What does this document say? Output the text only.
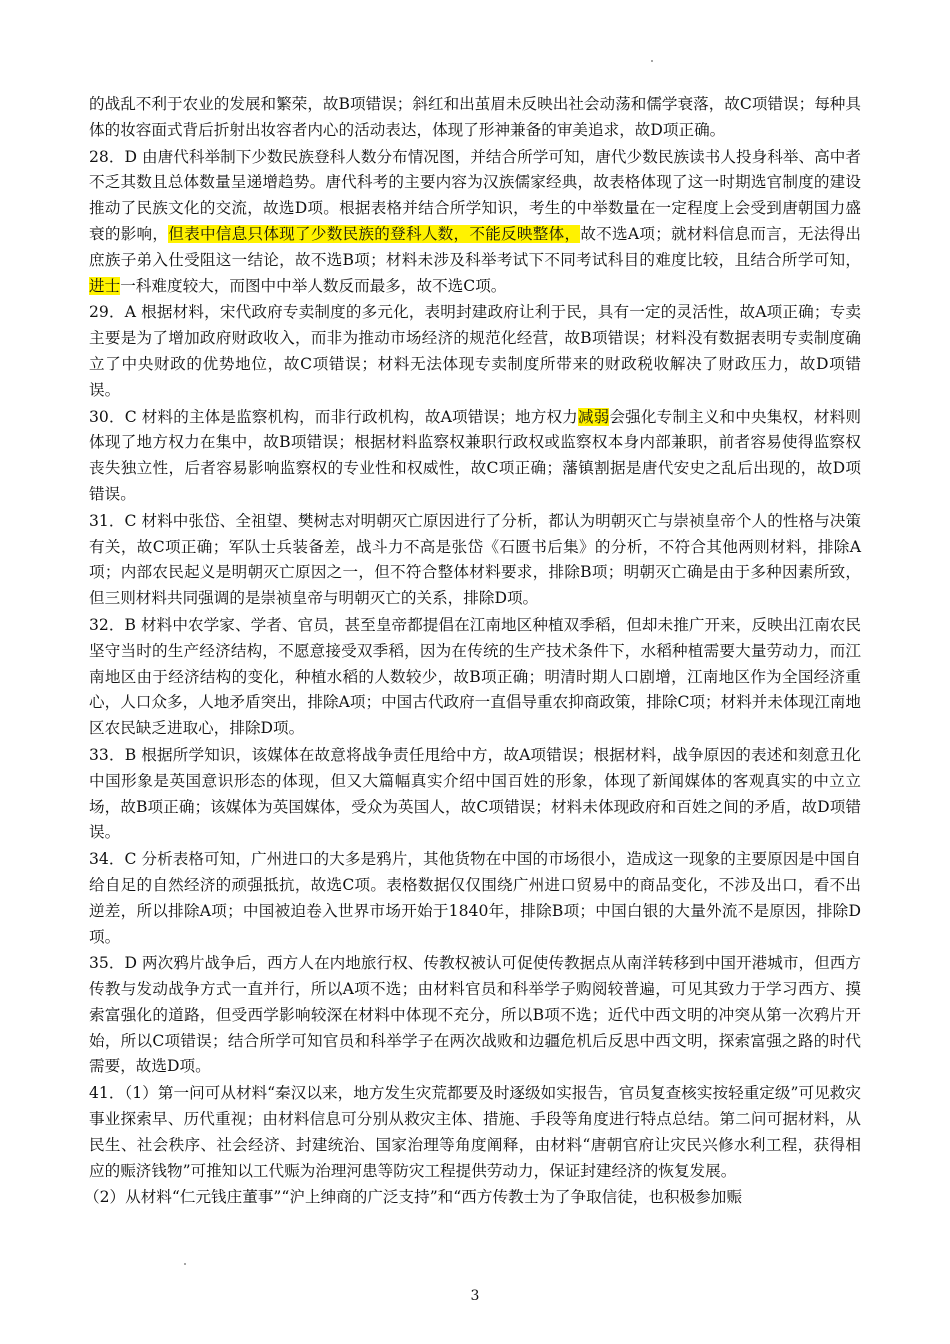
的战乱不利于农业的发展和繁荣，故B项错误；斜红和出茧眉未反映出社会动荡和儒学衰落，故C项错误；每种具体的妆容面式背后折射出妆容者内心的活动表达，体现了形神兼备的审美追求，故D项正确。

28．D 由唐代科举制下少数民族登科人数分布情况图，并结合所学可知，唐代少数民族读书人投身科举、高中者不乏其数且总体数量呈递增趋势。唐代科考的主要内容为汉族儒家经典，故表格体现了这一时期选官制度的建设推动了民族文化的交流，故选D项。根据表格并结合所学知识，考生的中举数量在一定程度上会受到唐朝国力盛衰的影响，但表中信息只体现了少数民族的登科人数，不能反映整体，故不选A项；就材料信息而言，无法得出庶族子弟入仕受阻这一结论，故不选B项；材料未涉及科举考试下不同考试科目的难度比较，且结合所学可知，进士一科难度较大，而图中中举人数反而最多，故不选C项。

29．A 根据材料，宋代政府专卖制度的多元化，表明封建政府让利于民，具有一定的灵活性，故A项正确；专卖主要是为了增加政府财政收入，而非为推动市场经济的规范化经营，故B项错误；材料没有数据表明专卖制度确立了中央财政的优势地位，故C项错误；材料无法体现专卖制度所带来的财政税收解决了财政压力，故D项错误。

30．C 材料的主体是监察机构，而非行政机构，故A项错误；地方权力减弱会强化专制主义和中央集权，材料则体现了地方权力在集中，故B项错误；根据材料监察权兼职行政权或监察权本身内部兼职，前者容易使得监察权丧失独立性，后者容易影响监察权的专业性和权威性，故C项正确；藩镇割据是唐代安史之乱后出现的，故D项错误。

31．C 材料中张岱、全祖望、樊树志对明朝灭亡原因进行了分析，都认为明朝灭亡与崇祯皇帝个人的性格与决策有关，故C项正确；军队士兵装备差，战斗力不高是张岱《石匮书后集》的分析，不符合其他两则材料，排除A项；内部农民起义是明朝灭亡原因之一，但不符合整体材料要求，排除B项；明朝灭亡确是由于多种因素所致，但三则材料共同强调的是崇祯皇帝与明朝灭亡的关系，排除D项。

32．B 材料中农学家、学者、官员，甚至皇帝都提倡在江南地区种植双季稻，但却未推广开来，反映出江南农民坚守当时的生产经济结构，不愿意接受双季稻，因为在传统的生产技术条件下，水稻种植需要大量劳动力，而江南地区由于经济结构的变化，种植水稻的人数较少，故B项正确；明清时期人口剧增，江南地区作为全国经济重心，人口众多，人地矛盾突出，排除A项；中国古代政府一直倡导重农抑商政策，排除C项；材料并未体现江南地区农民缺乏进取心，排除D项。

33．B 根据所学知识，该媒体在故意将战争责任甩给中方，故A项错误；根据材料，战争原因的表述和刻意丑化中国形象是英国意识形态的体现，但又大篇幅真实介绍中国百姓的形象，体现了新闻媒体的客观真实的中立立场，故B项正确；该媒体为英国媒体，受众为英国人，故C项错误；材料未体现政府和百姓之间的矛盾，故D项错误。

34．C 分析表格可知，广州进口的大多是鸦片，其他货物在中国的市场很小，造成这一现象的主要原因是中国自给自足的自然经济的顽强抵抗，故选C项。表格数据仅仅围绕广州进口贸易中的商品变化，不涉及出口，看不出逆差，所以排除A项；中国被迫卷入世界市场开始于1840年，排除B项；中国白银的大量外流不是原因，排除D项。

35．D 两次鸦片战争后，西方人在内地旅行权、传教权被认可促使传教据点从南洋转移到中国开港城市，但西方传教与发动战争方式一直并行，所以A项不选；由材料官员和科举学子购阅较普遍，可见其致力于学习西方、摸索富强化的道路，但受西学影响较深在材料中体现不充分，所以B项不选；近代中西文明的冲突从第一次鸦片开始，所以C项错误；结合所学可知官员和科举学子在两次战败和边疆危机后反思中西文明，探索富强之路的时代需要，故选D项。

41．（1）第一问可从材料“秦汉以来，地方发生灾荒都要及时逐级如实报告，官员复查核实按轻重定级”可见救灾事业探索早、历代重视；由材料信息可分别从救灾主体、措施、手段等角度进行特点总结。第二问可据材料，从民生、社会秩序、社会经济、封建统治、国家治理等角度阐释，由材料“唐朝官府让灾民兴修水利工程，获得相应的赈济钱物”可推知以工代赈为治理河患等防灾工程提供劳动力，保证封建经济的恢复发展。

（2）从材料“仁元钱庄董事”“沪上绅商的广泛支持”和“西方传教士为了争取信徒，也积极参加赈

3
